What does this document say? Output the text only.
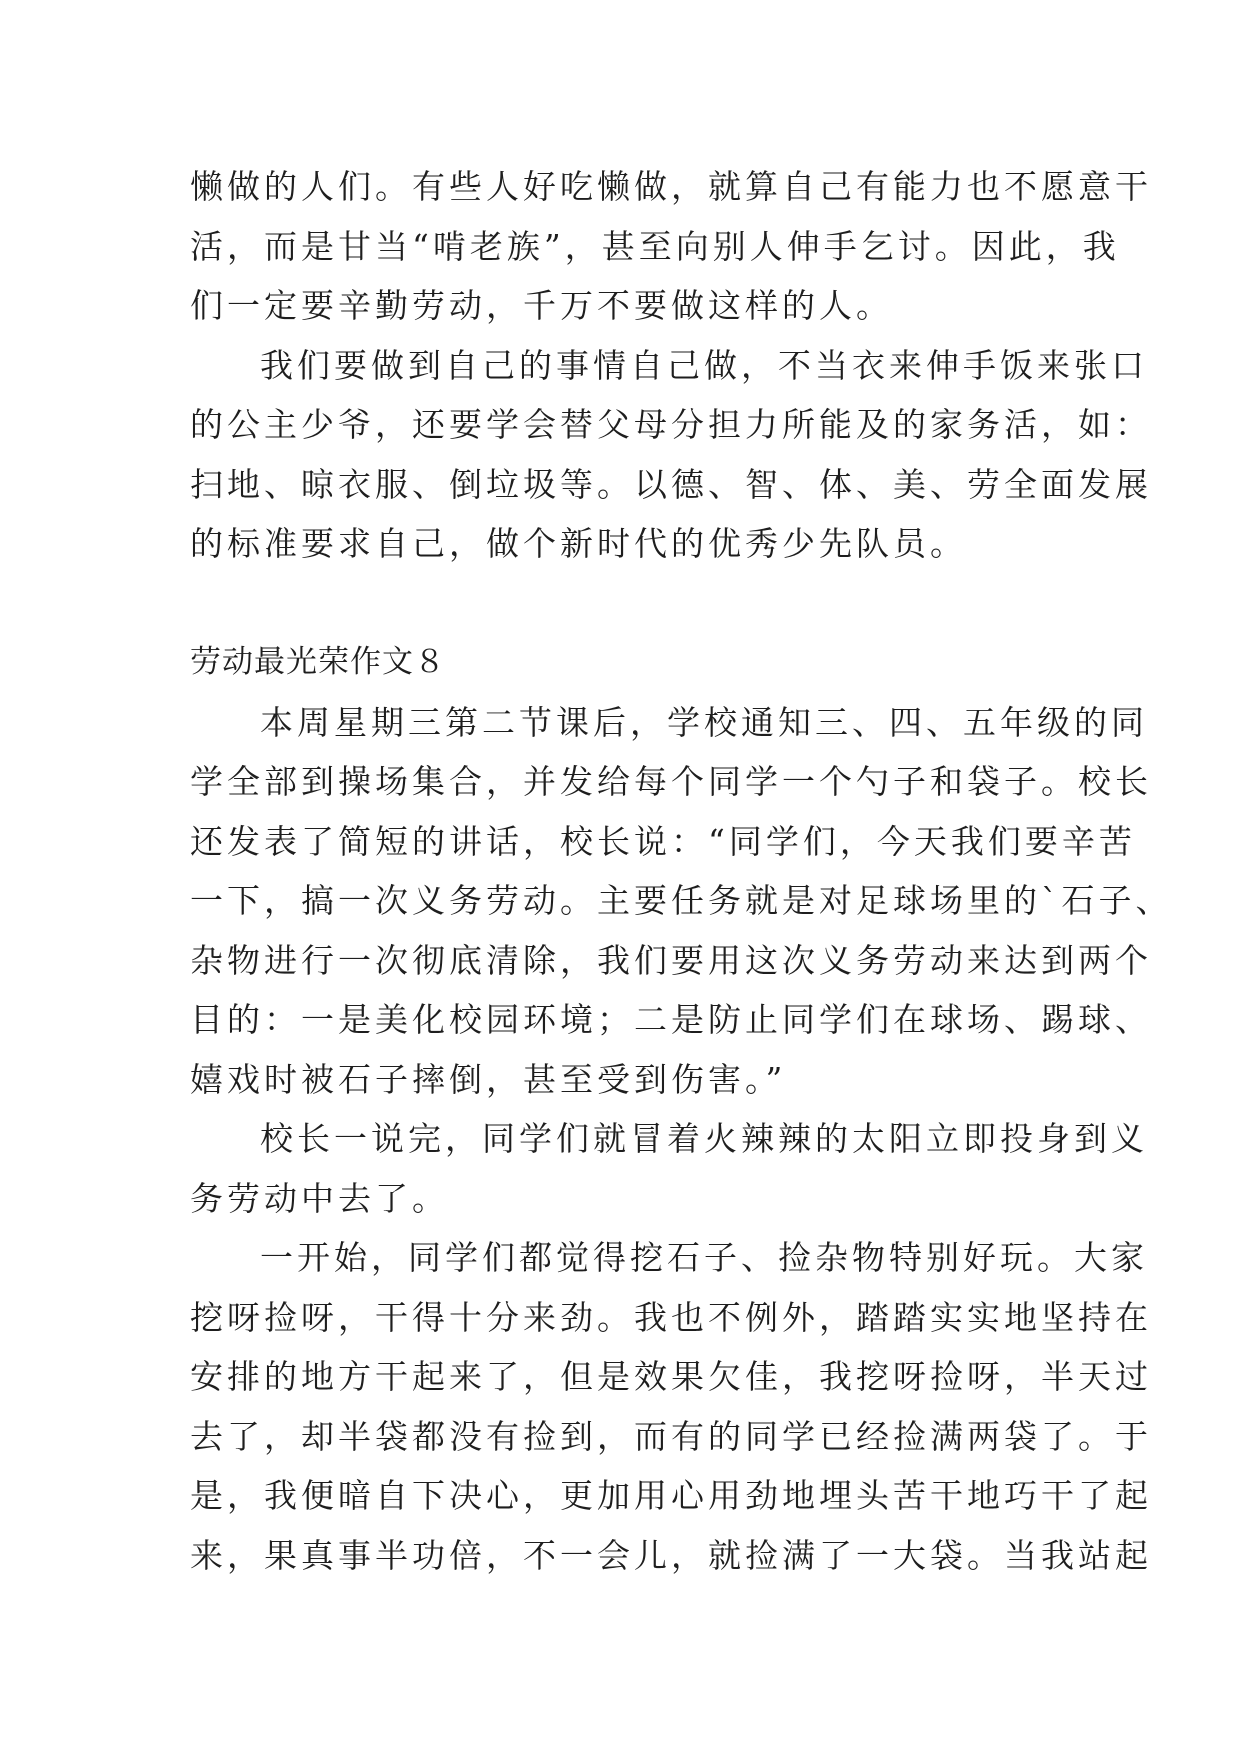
懒做的人们。有些人好吃懒做，就算自己有能力也不愿意干
活，而是甘当“啃老族”，甚至向别人伸手乞讨。因此，我
们一定要辛勤劳动，千万不要做这样的人。
我们要做到自己的事情自己做，不当衣来伸手饭来张口
的公主少爷，还要学会替父母分担力所能及的家务活，如：
扫地、晾衣服、倒垃圾等。以德、智、体、美、劳全面发展
的标准要求自己，做个新时代的优秀少先队员。
劳动最光荣作文８
本周星期三第二节课后，学校通知三、四、五年级的同
学全部到操场集合，并发给每个同学一个勺子和袋子。校长
还发表了简短的讲话，校长说：“同学们，今天我们要辛苦
一下，搞一次义务劳动。主要任务就是对足球场里的`石子、
杂物进行一次彻底清除，我们要用这次义务劳动来达到两个
目的：一是美化校园环境；二是防止同学们在球场、踢球、
嬉戏时被石子摔倒，甚至受到伤害。”
校长一说完，同学们就冒着火辣辣的太阳立即投身到义
务劳动中去了。
一开始，同学们都觉得挖石子、捡杂物特别好玩。大家
挖呀捡呀，干得十分来劲。我也不例外，踏踏实实地坚持在
安排的地方干起来了，但是效果欠佳，我挖呀捡呀，半天过
去了，却半袋都没有捡到，而有的同学已经捡满两袋了。于
是，我便暗自下决心，更加用心用劲地埋头苦干地巧干了起
来，果真事半功倍，不一会儿，就捡满了一大袋。当我站起
